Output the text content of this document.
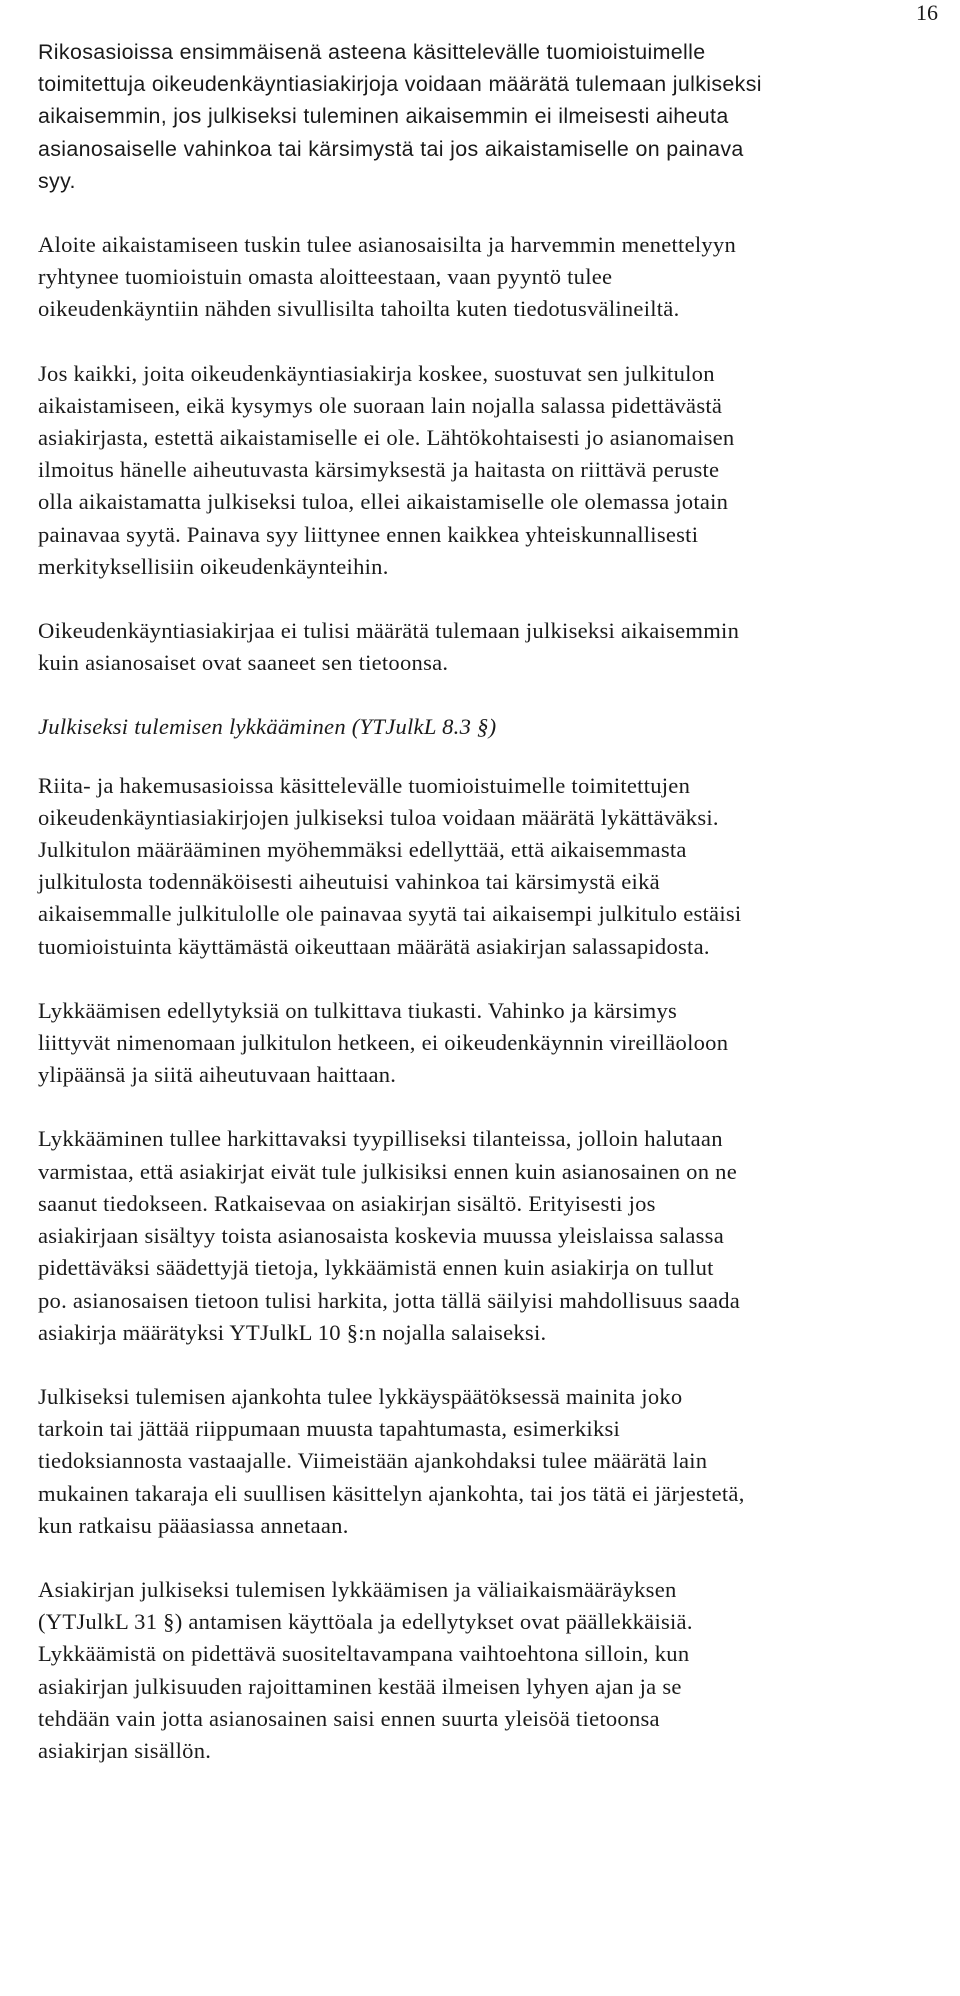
16

Rikosasioissa ensimmäisenä asteena käsittelevälle tuomioistuimelle
toimitettuja oikeudenkäyntiasiakirjoja voidaan määrätä tulemaan julkiseksi
aikaisemmin, jos julkiseksi tuleminen aikaisemmin ei ilmeisesti aiheuta
asianosaiselle vahinkoa tai kärsimystä tai jos aikaistamiselle on painava
syy.

Aloite aikaistamiseen tuskin tulee asianosaisilta ja harvemmin menettelyyn
ryhtynee tuomioistuin omasta aloitteestaan, vaan pyyntö tulee
oikeudenkäyntiin nähden sivullisilta tahoilta kuten tiedotusvälineiltä.

Jos kaikki, joita oikeudenkäyntiasiakirja koskee, suostuvat sen julkitulon
aikaistamiseen, eikä kysymys ole suoraan lain nojalla salassa pidettävästä
asiakirjasta, estettä aikaistamiselle ei ole. Lähtökohtaisesti jo asianomaisen
ilmoitus hänelle aiheutuvasta kärsimyksestä ja haitasta on riittävä peruste
olla aikaistamatta julkiseksi tuloa, ellei aikaistamiselle ole olemassa jotain
painavaa syytä. Painava syy liittynee ennen kaikkea yhteiskunnallisesti
merkityksellisiin oikeudenkäynteihin.

Oikeudenkäyntiasiakirjaa ei tulisi määrätä tulemaan julkiseksi aikaisemmin
kuin asianosaiset ovat saaneet sen tietoonsa.

Julkiseksi tulemisen lykkääminen (YTJulkL 8.3 §)

Riita- ja hakemusasioissa käsittelevälle tuomioistuimelle toimitettujen
oikeudenkäyntiasiakirjojen julkiseksi tuloa voidaan määrätä lykättäväksi.
Julkitulon määrääminen myöhemmäksi edellyttää, että aikaisemmasta
julkitulosta todennäköisesti aiheutuisi vahinkoa tai kärsimystä eikä
aikaisemmalle julkitulolle ole painavaa syytä tai aikaisempi julkitulo estäisi
tuomioistuinta käyttämästä oikeuttaan määrätä asiakirjan salassapidosta.

Lykkäämisen edellytyksiä on tulkittava tiukasti. Vahinko ja kärsimys
liittyvät nimenomaan julkitulon hetkeen, ei oikeudenkäynnin vireilläoloon
ylipäänsä ja siitä aiheutuvaan haittaan.

Lykkääminen tullee harkittavaksi tyypilliseksi tilanteissa, jolloin halutaan
varmistaa, että asiakirjat eivät tule julkisiksi ennen kuin asianosainen on ne
saanut tiedokseen. Ratkaisevaa on asiakirjan sisältö. Erityisesti jos
asiakirjaan sisältyy toista asianosaista koskevia muussa yleislaissa salassa
pidettäväksi säädettyjä tietoja, lykkäämistä ennen kuin asiakirja on tullut
po. asianosaisen tietoon tulisi harkita, jotta tällä säilyisi mahdollisuus saada
asiakirja määrätyksi YTJulkL 10 §:n nojalla salaiseksi.

Julkiseksi tulemisen ajankohta tulee lykkäyspäätöksessä mainita joko
tarkoin tai jättää riippumaan muusta tapahtumasta, esimerkiksi
tiedoksiannosta vastaajalle. Viimeistään ajankohdaksi tulee määrätä lain
mukainen takaraja eli suullisen käsittelyn ajankohta, tai jos tätä ei järjestetä,
kun ratkaisu pääasiassa annetaan.

Asiakirjan julkiseksi tulemisen lykkäämisen ja väliaikaismääräyksen
(YTJulkL 31 §) antamisen käyttöala ja edellytykset ovat päällekkäisiä.
Lykkäämistä on pidettävä suositeltavampana vaihtoehtona silloin, kun
asiakirjan julkisuuden rajoittaminen kestää ilmeisen lyhyen ajan ja se
tehdään vain jotta asianosainen saisi ennen suurta yleisöä tietoonsa
asiakirjan sisällön.
